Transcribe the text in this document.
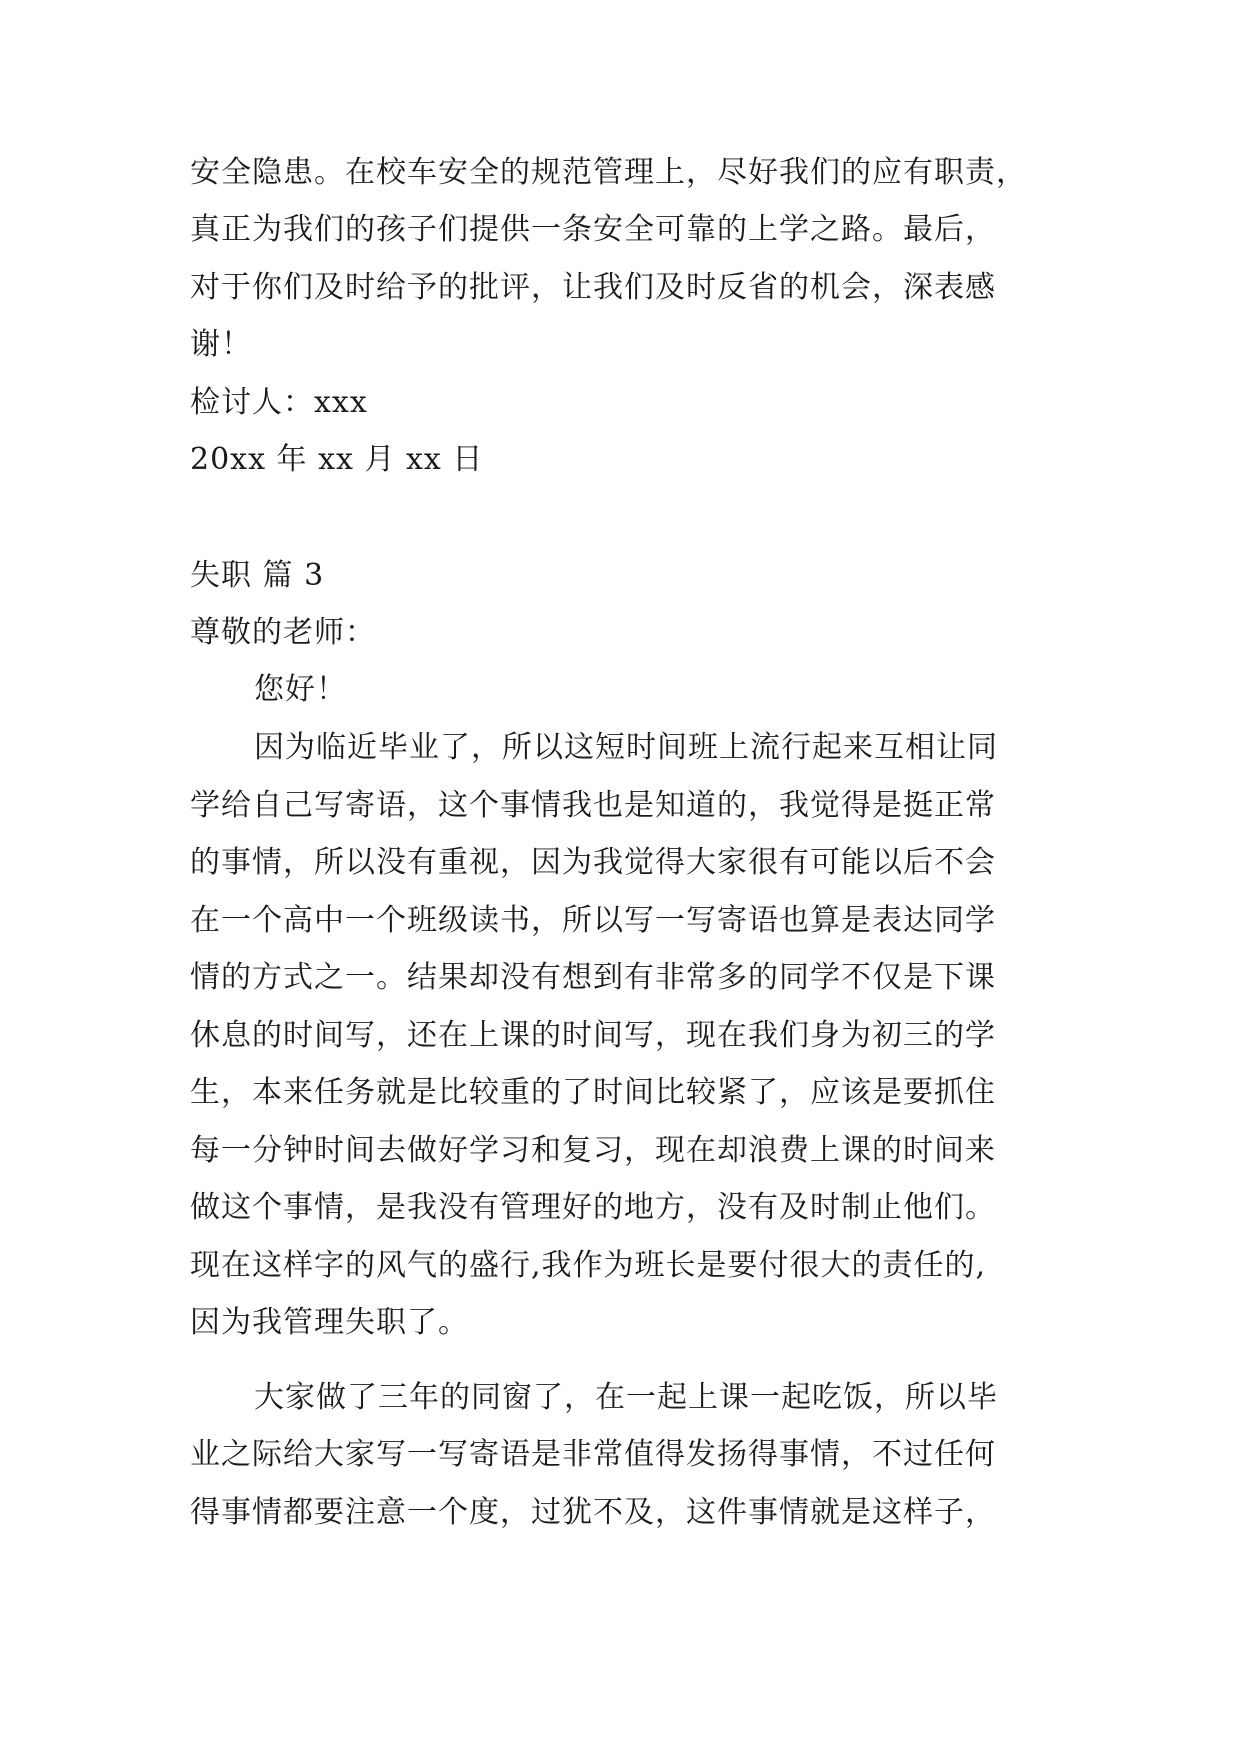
安全隐患。在校车安全的规范管理上，尽好我们的应有职责，
真正为我们的孩子们提供一条安全可靠的上学之路。最后，
对于你们及时给予的批评，让我们及时反省的机会，深表感
谢！
检讨人：xxx
20xx 年 xx 月 xx 日
失职 篇 3
尊敬的老师：
您好！
因为临近毕业了，所以这短时间班上流行起来互相让同
学给自己写寄语，这个事情我也是知道的，我觉得是挺正常
的事情，所以没有重视，因为我觉得大家很有可能以后不会
在一个高中一个班级读书，所以写一写寄语也算是表达同学
情的方式之一。结果却没有想到有非常多的同学不仅是下课
休息的时间写，还在上课的时间写，现在我们身为初三的学
生，本来任务就是比较重的了时间比较紧了，应该是要抓住
每一分钟时间去做好学习和复习，现在却浪费上课的时间来
做这个事情，是我没有管理好的地方，没有及时制止他们。
现在这样字的风气的盛行,我作为班长是要付很大的责任的,
因为我管理失职了。
大家做了三年的同窗了，在一起上课一起吃饭，所以毕
业之际给大家写一写寄语是非常值得发扬得事情，不过任何
得事情都要注意一个度，过犹不及，这件事情就是这样子，
